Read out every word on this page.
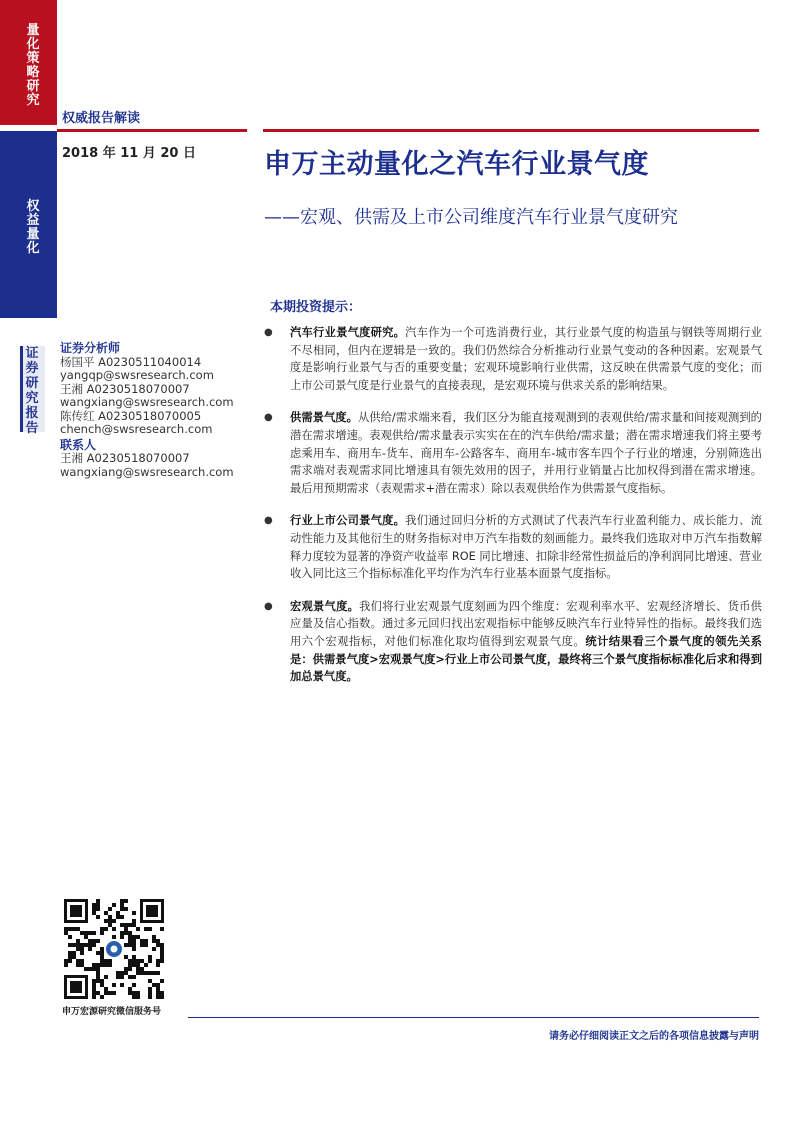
量化策略研究
权益量化
证券研究报告
权威报告解读
2018 年 11 月 20 日	申万主动量化之汽车行业景气度
——宏观、供需及上市公司维度汽车行业景气度研究
本期投资提示：
证券分析师
杨国平 A0230511040014
yangqp@swsresearch.com
王湘 A0230518070007
wangxiang@swsresearch.com
陈传红 A0230518070005
chench@swsresearch.com
联系人
王湘 A0230518070007
wangxiang@swsresearch.com
● 汽车行业景气度研究。汽车作为一个可选消费行业，其行业景气度的构造虽与钢铁等周期行业不尽相同，但内在逻辑是一致的。我们仍然综合分析推动行业景气变动的各种因素。宏观景气度是影响行业景气与否的重要变量；宏观环境影响行业供需，这反映在供需景气度的变化；而上市公司景气度是行业景气的直接表现，是宏观环境与供求关系的影响结果。
● 供需景气度。从供给/需求端来看，我们区分为能直接观测到的表观供给/需求量和间接观测到的潜在需求增速。表观供给/需求量表示实实在在的汽车供给/需求量；潜在需求增速我们将主要考虑乘用车、商用车-货车、商用车-公路客车、商用车-城市客车四个子行业的增速，分别筛选出需求端对表观需求同比增速具有领先效用的因子，并用行业销量占比加权得到潜在需求增速。最后用预期需求（表观需求+潜在需求）除以表观供给作为供需景气度指标。
● 行业上市公司景气度。我们通过回归分析的方式测试了代表汽车行业盈利能力、成长能力、流动性能力及其他衍生的财务指标对申万汽车指数的刻画能力。最终我们选取对申万汽车指数解释力度较为显著的净资产收益率 ROE 同比增速、扣除非经常性损益后的净利润同比增速、营业收入同比这三个指标标准化平均作为汽车行业基本面景气度指标。
● 宏观景气度。我们将行业宏观景气度刻画为四个维度：宏观利率水平、宏观经济增长、货币供应量及信心指数。通过多元回归找出宏观指标中能够反映汽车行业特异性的指标。最终我们选用六个宏观指标，对他们标准化取均值得到宏观景气度。统计结果看三个景气度的领先关系是：供需景气度>宏观景气度>行业上市公司景气度，最终将三个景气度指标标准化后求和得到加总景气度。
申万宏源研究微信服务号
请务必仔细阅读正文之后的各项信息披露与声明
